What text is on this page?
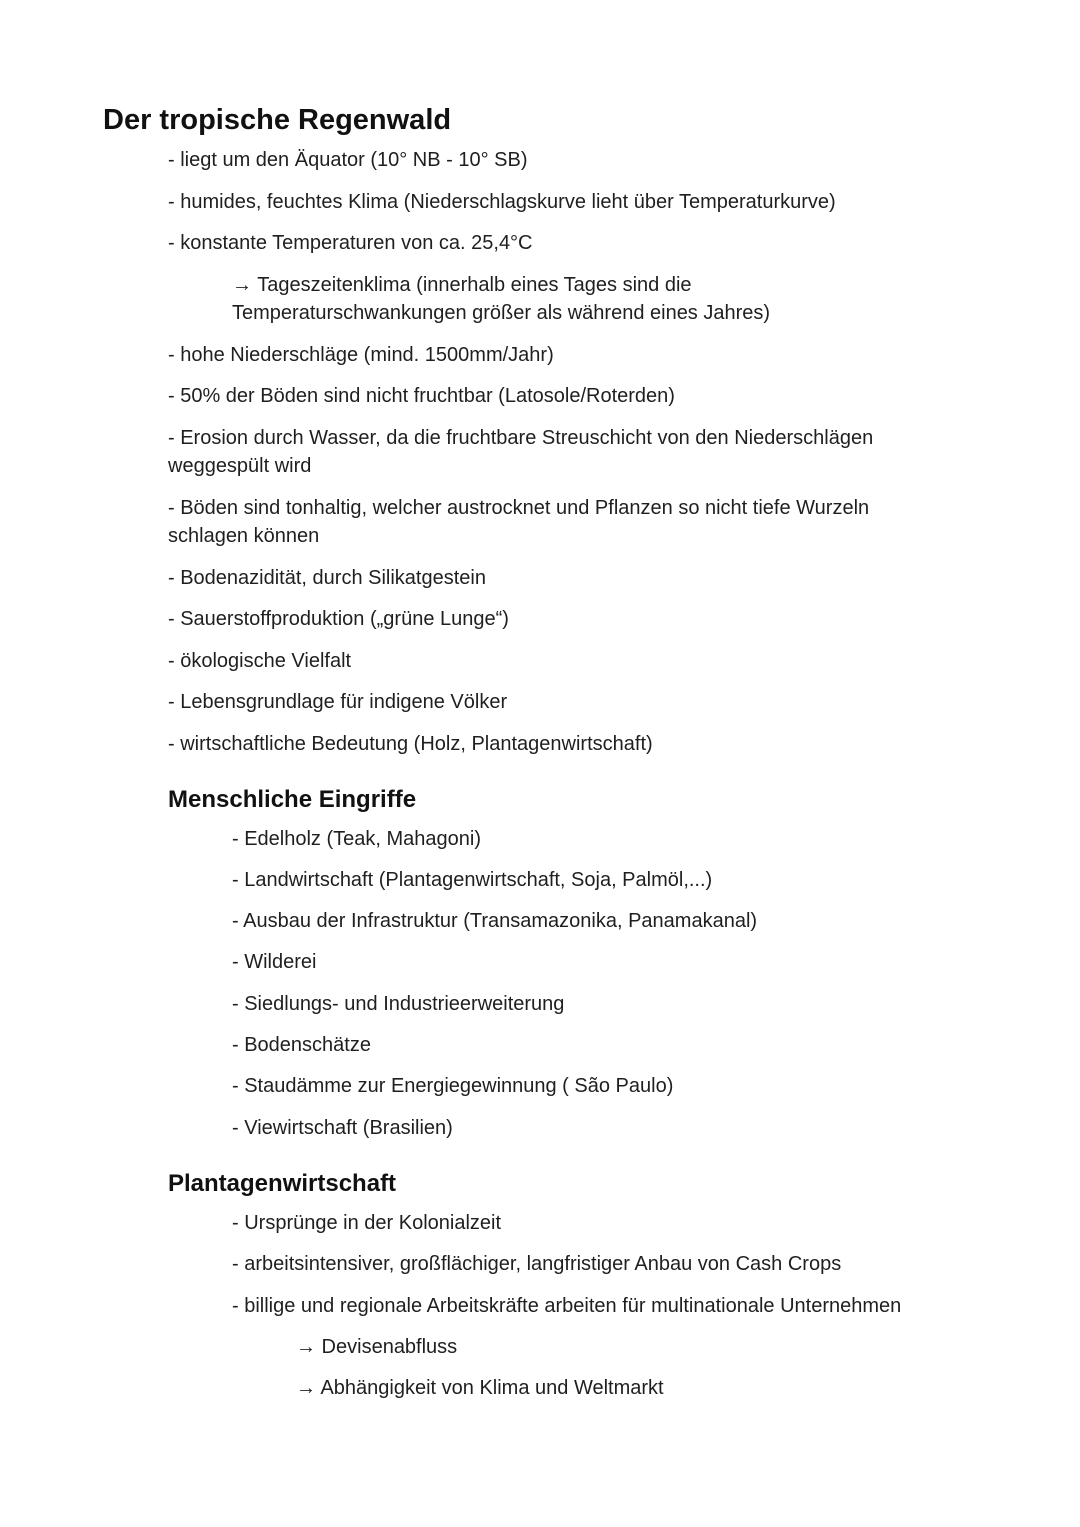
Der tropische Regenwald

- liegt um den Äquator (10° NB - 10° SB)

- humides, feuchtes Klima (Niederschlagskurve lieht über Temperaturkurve)

- konstante Temperaturen von ca. 25,4°C

→ Tageszeitenklima (innerhalb eines Tages sind die

Temperaturschwankungen größer als während eines Jahres)

- hohe Niederschläge (mind. 1500mm/Jahr)

- 50% der Böden sind nicht fruchtbar (Latosole/Roterden)

- Erosion durch Wasser, da die fruchtbare Streuschicht von den Niederschlägen

weggespült wird

- Böden sind tonhaltig, welcher austrocknet und Pflanzen so nicht tiefe Wurzeln

schlagen können

- Bodenazidität, durch Silikatgestein

- Sauerstoffproduktion („grüne Lunge“)

- ökologische Vielfalt

- Lebensgrundlage für indigene Völker

- wirtschaftliche Bedeutung (Holz, Plantagenwirtschaft)

Menschliche Eingriffe

- Edelholz (Teak, Mahagoni)

- Landwirtschaft (Plantagenwirtschaft, Soja, Palmöl,...)

- Ausbau der Infrastruktur (Transamazonika, Panamakanal)

- Wilderei

- Siedlungs- und Industrieerweiterung

- Bodenschätze

- Staudämme zur Energiegewinnung ( São Paulo)

- Viewirtschaft (Brasilien)

Plantagenwirtschaft

- Ursprünge in der Kolonialzeit

- arbeitsintensiver, großflächiger, langfristiger Anbau von Cash Crops

- billige und regionale Arbeitskräfte arbeiten für multinationale Unternehmen

→ Devisenabfluss

→ Abhängigkeit von Klima und Weltmarkt
